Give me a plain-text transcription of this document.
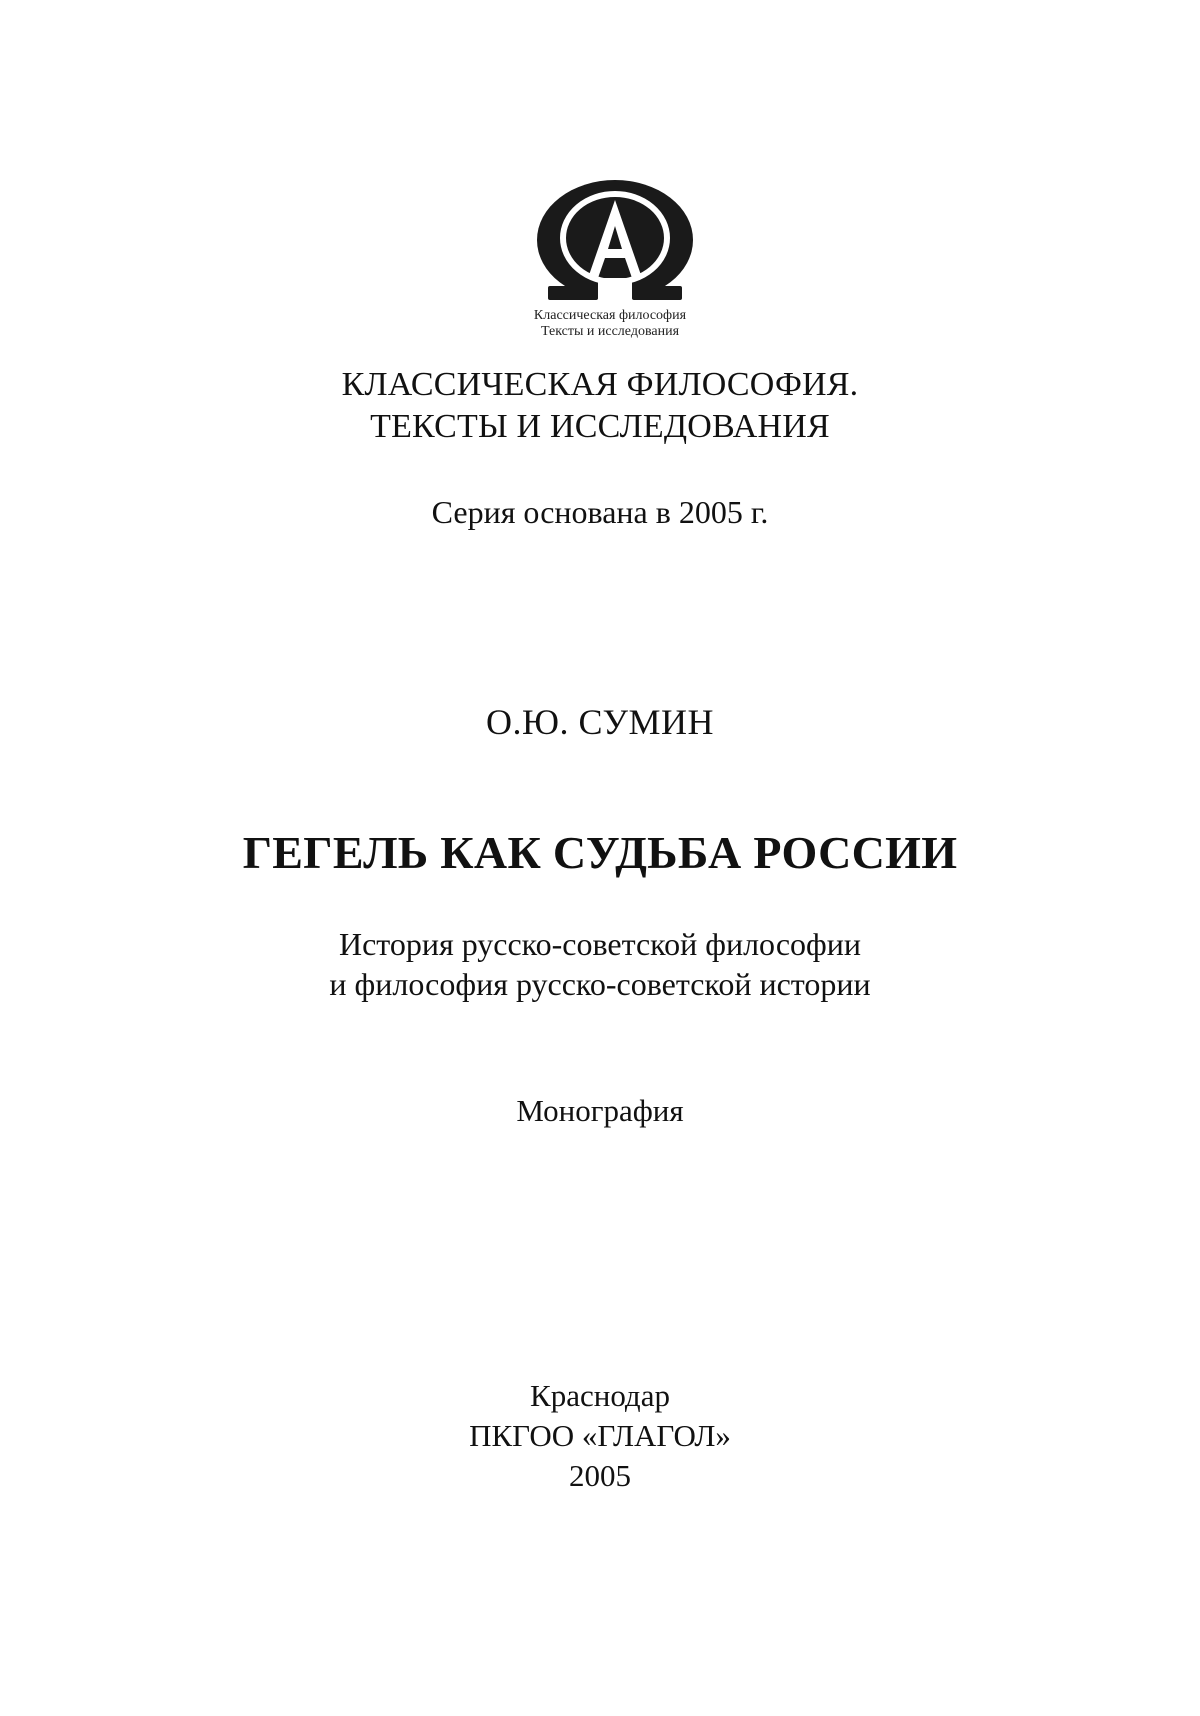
Классическая философия
Тексты и исследования
КЛАССИЧЕСКАЯ ФИЛОСОФИЯ.
ТЕКСТЫ И ИССЛЕДОВАНИЯ
Серия основана в 2005 г.
О.Ю. СУМИН
ГЕГЕЛЬ КАК СУДЬБА РОССИИ
История русско-советской философии
и философия русско-советской истории
Монография
Краснодар
ПКГОО «ГЛАГОЛ»
2005
